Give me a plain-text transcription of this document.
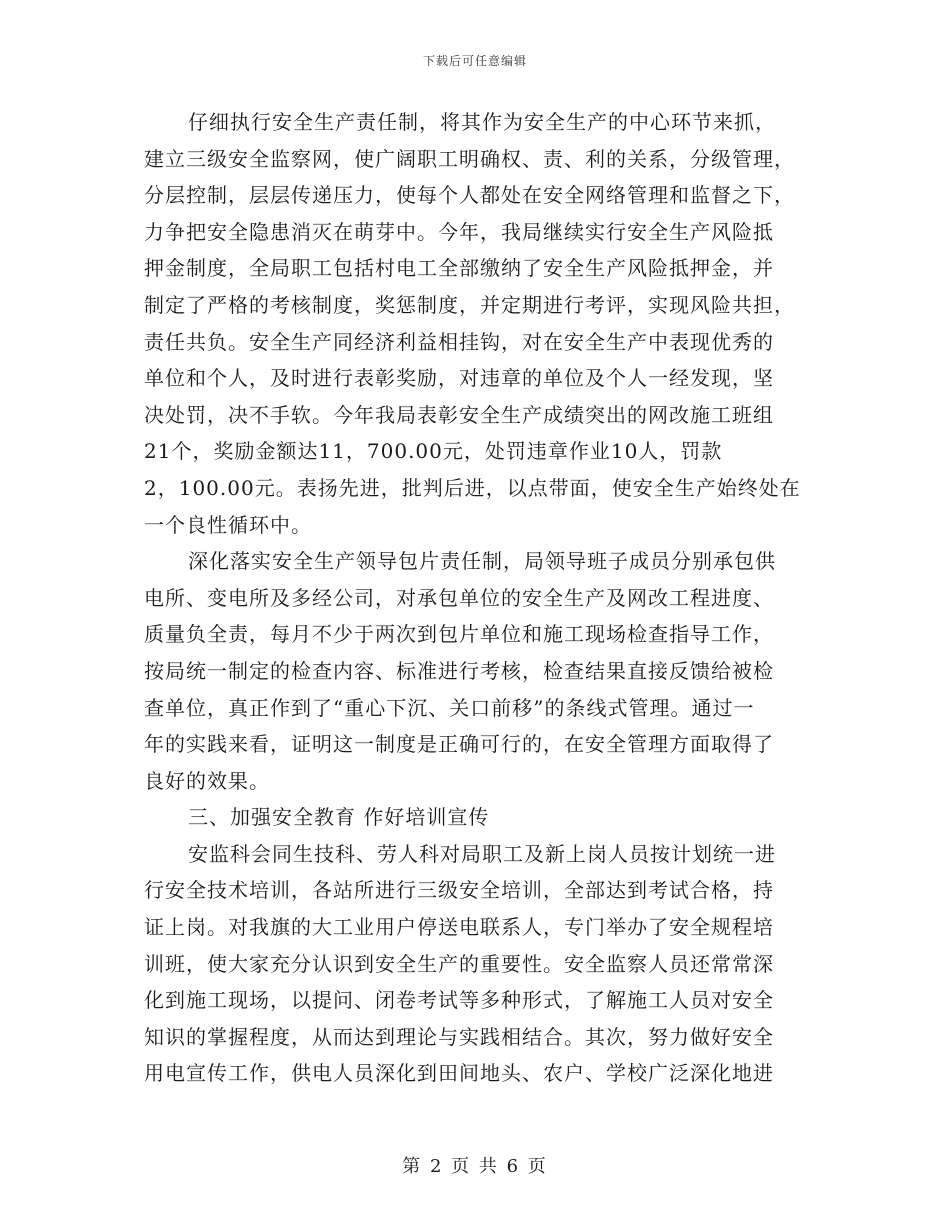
下载后可任意编辑
仔细执行安全生产责任制，将其作为安全生产的中心环节来抓，
建立三级安全监察网，使广阔职工明确权、责、利的关系，分级管理，
分层控制，层层传递压力，使每个人都处在安全网络管理和监督之下，
力争把安全隐患消灭在萌芽中。今年，我局继续实行安全生产风险抵
押金制度，全局职工包括村电工全部缴纳了安全生产风险抵押金，并
制定了严格的考核制度，奖惩制度，并定期进行考评，实现风险共担，
责任共负。安全生产同经济利益相挂钩，对在安全生产中表现优秀的
单位和个人，及时进行表彰奖励，对违章的单位及个人一经发现，坚
决处罚，决不手软。今年我局表彰安全生产成绩突出的网改施工班组
21个，奖励金额达11，700.00元，处罚违章作业10人，罚款
2，100.00元。表扬先进，批判后进，以点带面，使安全生产始终处在
一个良性循环中。
深化落实安全生产领导包片责任制，局领导班子成员分别承包供
电所、变电所及多经公司，对承包单位的安全生产及网改工程进度、
质量负全责，每月不少于两次到包片单位和施工现场检查指导工作，
按局统一制定的检查内容、标准进行考核，检查结果直接反馈给被检
查单位，真正作到了“重心下沉、关口前移”的条线式管理。通过一
年的实践来看，证明这一制度是正确可行的，在安全管理方面取得了
良好的效果。
三、加强安全教育 作好培训宣传
安监科会同生技科、劳人科对局职工及新上岗人员按计划统一进
行安全技术培训，各站所进行三级安全培训，全部达到考试合格，持
证上岗。对我旗的大工业用户停送电联系人，专门举办了安全规程培
训班，使大家充分认识到安全生产的重要性。安全监察人员还常常深
化到施工现场，以提问、闭卷考试等多种形式，了解施工人员对安全
知识的掌握程度，从而达到理论与实践相结合。其次，努力做好安全
用电宣传工作，供电人员深化到田间地头、农户、学校广泛深化地进
第 2 页 共 6 页
